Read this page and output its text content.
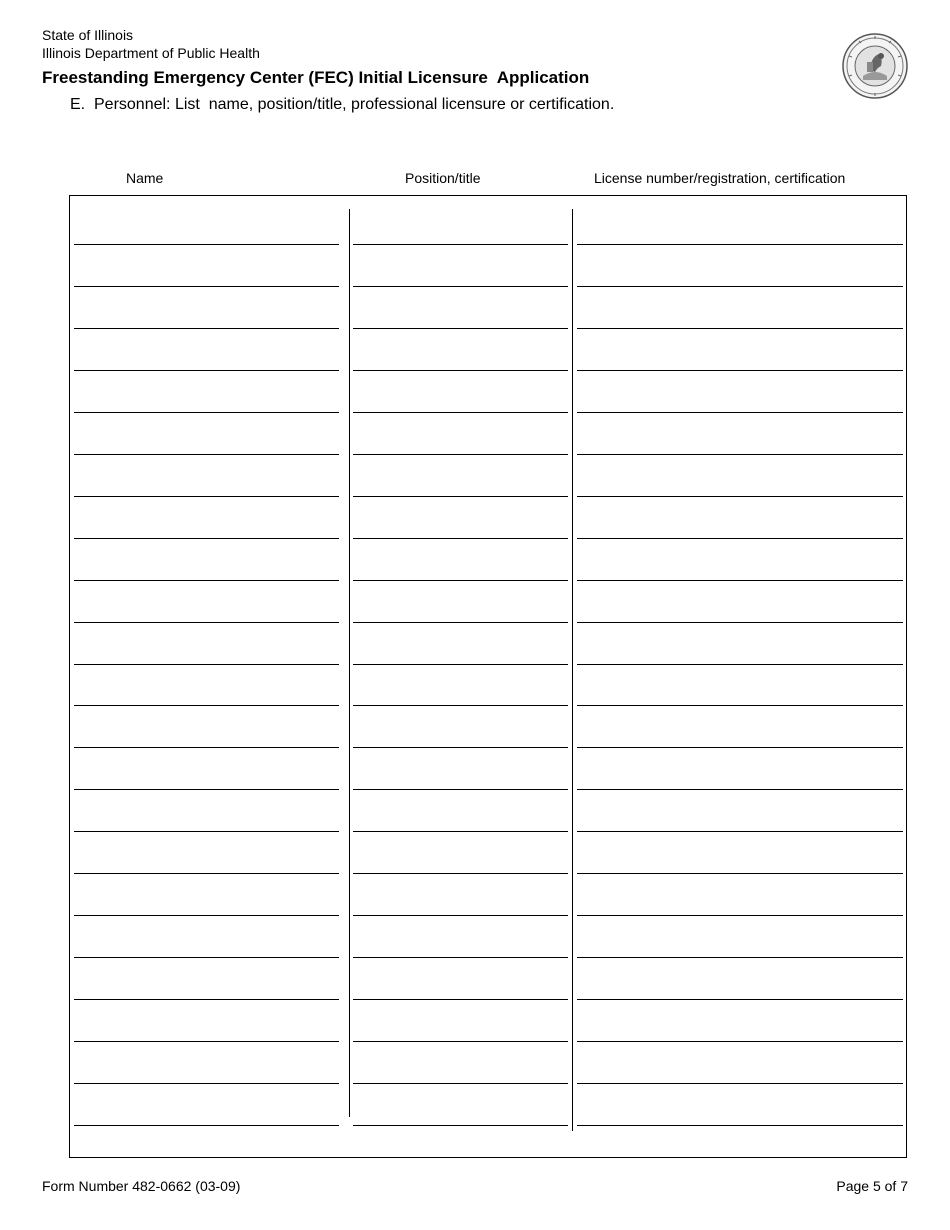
State of Illinois
Illinois Department of Public Health
Freestanding Emergency Center (FEC) Initial Licensure  Application
E.  Personnel: List  name, position/title, professional licensure or certification.
Name	Position/title	License number/registration, certification
Form Number 482-0662 (03-09)	Page 5 of 7
